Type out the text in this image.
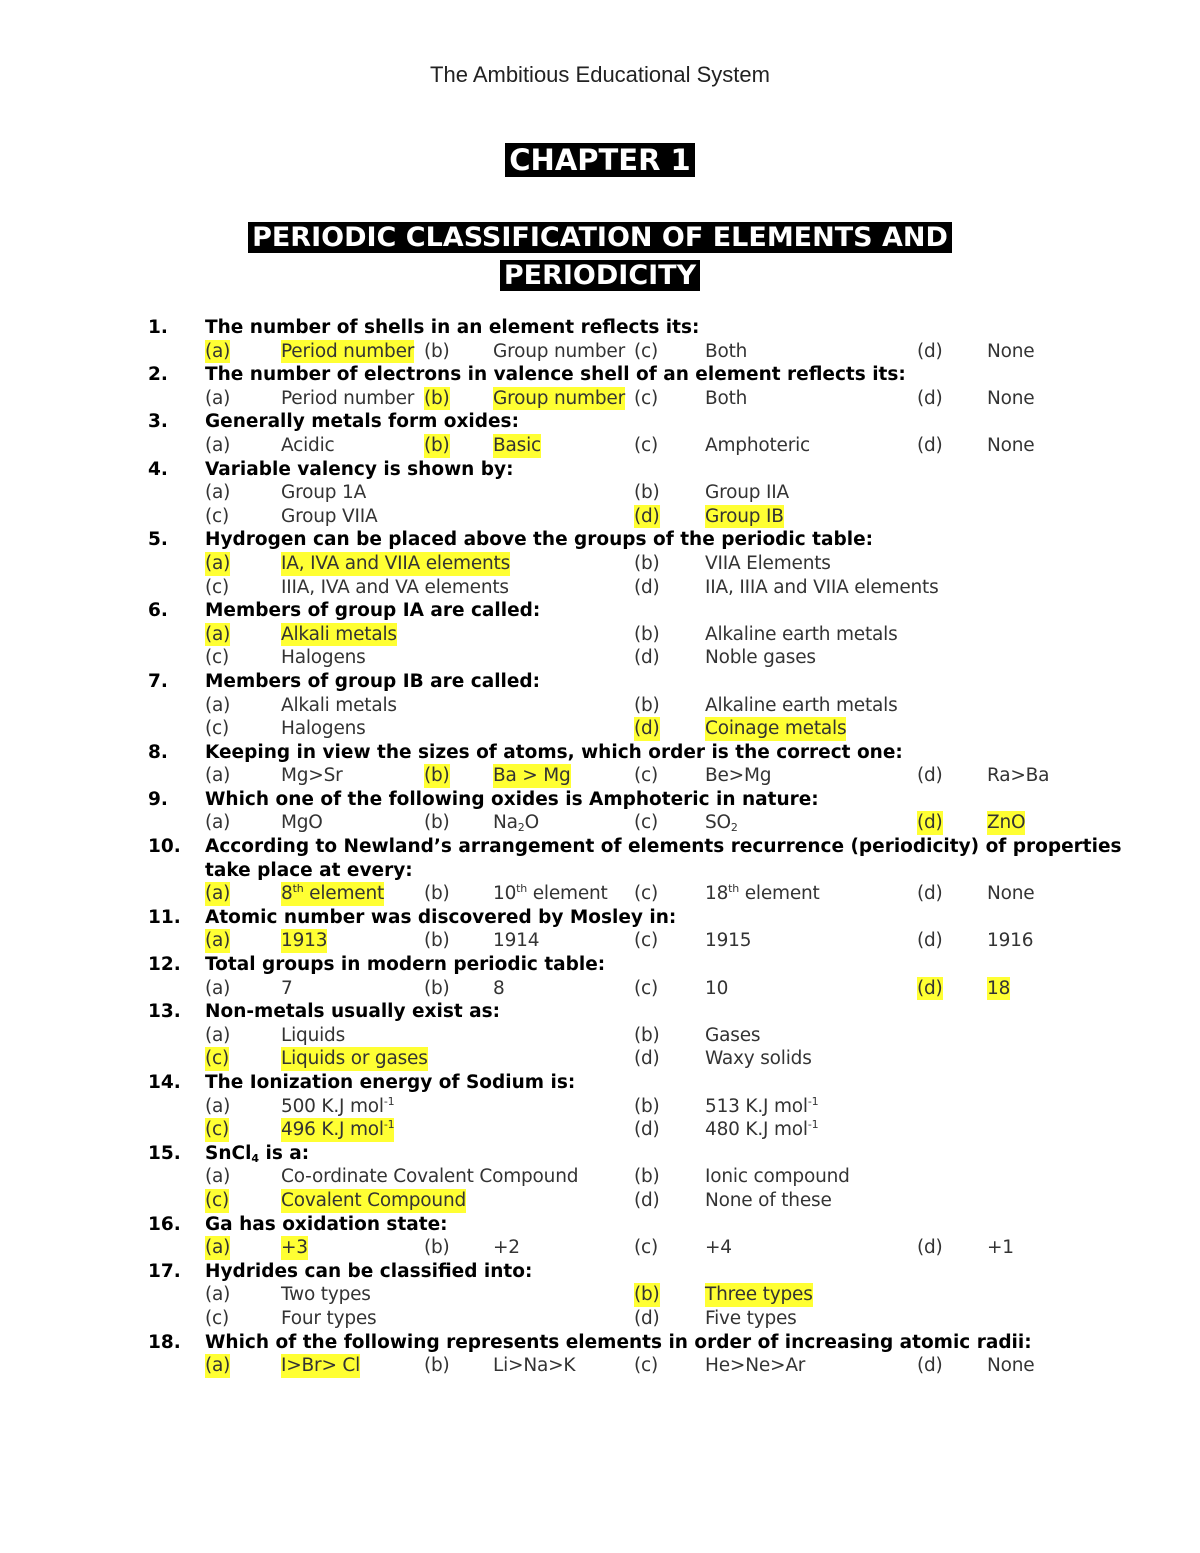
The Ambitious Educational System
CHAPTER 1
PERIODIC CLASSIFICATION OF ELEMENTS AND
PERIODICITY
1. The number of shells in an element reflects its:
(a)	Period number (b) Group number (c)	Both	(d) None
2. The number of electrons in valence shell of an element reflects its:
(a)	Period number (b) Group number (c)	Both	(d) None
3. Generally metals form oxides:
(a)	Acidic	(b) Basic	(c)	Amphoteric	(d) None
4. Variable valency is shown by:
(a)	Group 1A	(b) Group IIA
(c)	Group VIIA	(d) Group IB
5. Hydrogen can be placed above the groups of the periodic table:
(a)	IA, IVA and VIIA elements	(b) VIIA Elements
(c)	IIIA, IVA and VA elements	(d) IIA, IIIA and VIIA elements
6. Members of group IA are called:
(a)	Alkali metals	(b) Alkaline earth metals
(c)	Halogens	(d) Noble gases
7. Members of group IB are called:
(a)	Alkali metals	(b) Alkaline earth metals
(c)	Halogens	(d) Coinage metals
8. Keeping in view the sizes of atoms, which order is the correct one:
(a)	Mg>Sr	(b) Ba > Mg	(c)	Be>Mg	(d) Ra>Ba
9. Which one of the following oxides is Amphoteric in nature:
(a)	MgO	(b) $Na_2O$	(c)	$SO_2$	(d) ZnO
10. According to Newland’s arrangement of elements recurrence (periodicity) of properties
take place at every:
(a)	8th element (b) 10th element (c)	18th element	(d) None
11. Atomic number was discovered by Mosley in:
(a)	1913	(b) 1914	(c)	1915	(d) 1916
12. Total groups in modern periodic table:
(a)	7	(b) 8	(c)	10	(d) 18
13. Non-metals usually exist as:
(a)	Liquids	(b) Gases
(c)	Liquids or gases	(d) Waxy solids
14. The Ionization energy of Sodium is:
(a)	500 K.J mol$^{-1}$	(b) 513 K.J mol$^{-1}$
(c)	496 K.J mol$^{-1}$	(d) 480 K.J mol$^{-1}$
15. SnCl$_4$ is a:
(a)	Co-ordinate Covalent Compound	(b) Ionic compound
(c)	Covalent Compound	(d) None of these
16. Ga has oxidation state:
(a)	+3	(b) +2	(c)	+4	(d) +1
17. Hydrides can be classified into:
(a)	Two types	(b) Three types
(c)	Four types	(d) Five types
18. Which of the following represents elements in order of increasing atomic radii:
(a)	I>Br> Cl	(b) Li>Na>K	(c)	He>Ne>Ar	(d) None
